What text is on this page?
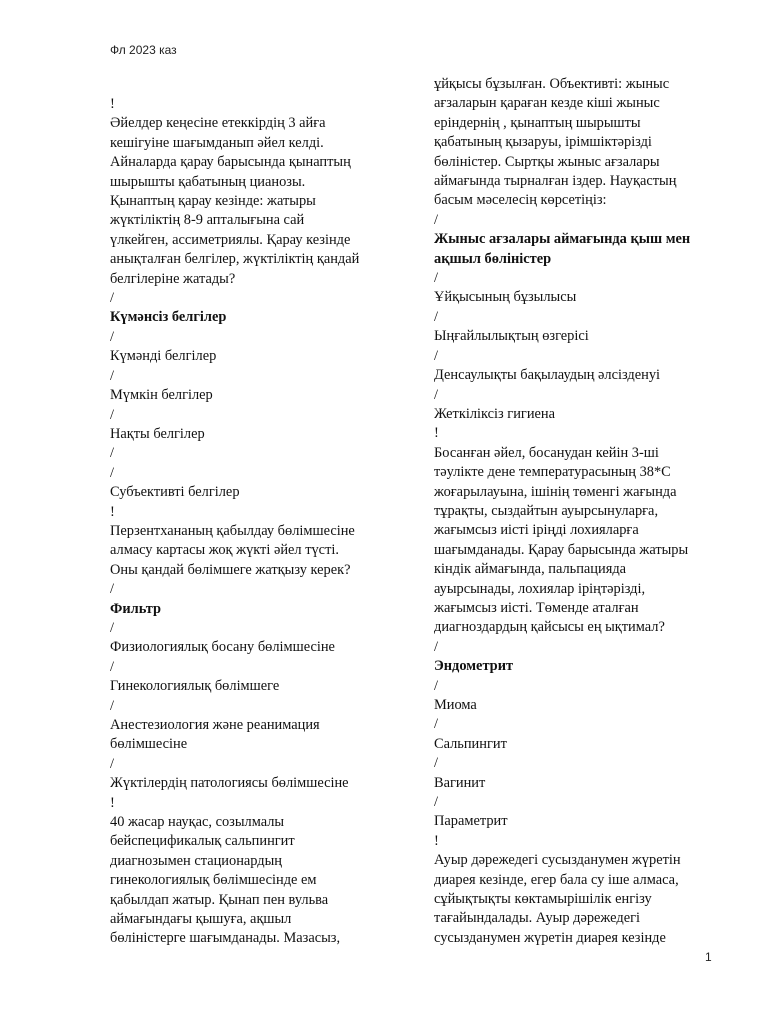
Фл 2023 каз
!
Әйелдер кеңесіне етеккірдің 3 айға
кешігуіне шағымданып әйел келді.
Айналарда қарау барысында қынаптың
шырышты қабатының цианозы.
Қынаптың қарау кезінде: жатыры
жүктіліктің 8-9 апталығына сай
үлкейген, ассиметриялы. Қарау кезінде
анықталған белгілер, жүктіліктің қандай
белгілеріне жатады?
/
Күмәнсіз белгілер
/
Күмәнді белгілер
/
Мүмкін белгілер
/
Нақты белгілер
/
/
Субъективті белгілер
!
Перзентхананың қабылдау бөлімшесіне
алмасу картасы жоқ жүкті әйел түсті.
Оны қандай бөлімшеге жатқызу керек?
/
Фильтр
/
Физиологиялық босану бөлімшесіне
/
Гинекологиялық бөлімшеге
/
Анестезиология және реанимация
бөлімшесіне
/
Жүктілердің патологиясы бөлімшесіне
!
40 жасар науқас, созылмалы
бейспецификалық сальпингит
диагнозымен стационардың
гинекологиялық бөлімшесінде ем
қабылдап жатыр. Қынап пен вульва
аймағындағы қышуға, ақшыл
бөліністерге шағымданады. Мазасыз,
ұйқысы бұзылған. Объективті: жыныс
ағзаларын қараған кезде кіші жыныс
еріндернің , қынаптың шырышты
қабатының қызаруы, ірімшіктәрізді
бөліністер. Сыртқы жыныс ағзалары
аймағында тырналған іздер. Науқастың
басым мәселесің көрсетіңіз:
/
Жыныс ағзалары аймағында қыш мен
ақшыл бөліністер
/
Ұйқысының бұзылысы
/
Ыңғайлылықтың өзгерісі
/
Денсаулықты бақылаудың әлсізденуі
/
Жеткіліксіз гигиена
!
Босанған әйел, босанудан кейін 3-ші
тәулікте дене температурасының 38*С
жоғарылауына, ішінің төменгі жағында
тұрақты, сыздайтын ауырсынуларға,
жағымсыз иісті іріңді лохияларға
шағымданады. Қарау барысында жатыры
кіндік аймағында, пальпацияда
ауырсынады, лохиялар іріңтәрізді,
жағымсыз иісті. Төменде аталған
диагноздардың қайсысы ең ықтимал?
/
Эндометрит
/
Миома
/
Сальпингит
/
Вагинит
/
Параметрит
!
Ауыр дәрежедегі сусызданумен жүретін
диарея кезінде, егер бала су іше алмаса,
сұйықтықты көктамырішілік енгізу
тағайындалады. Ауыр дәрежедегі
сусызданумен жүретін диарея кезінде
1
